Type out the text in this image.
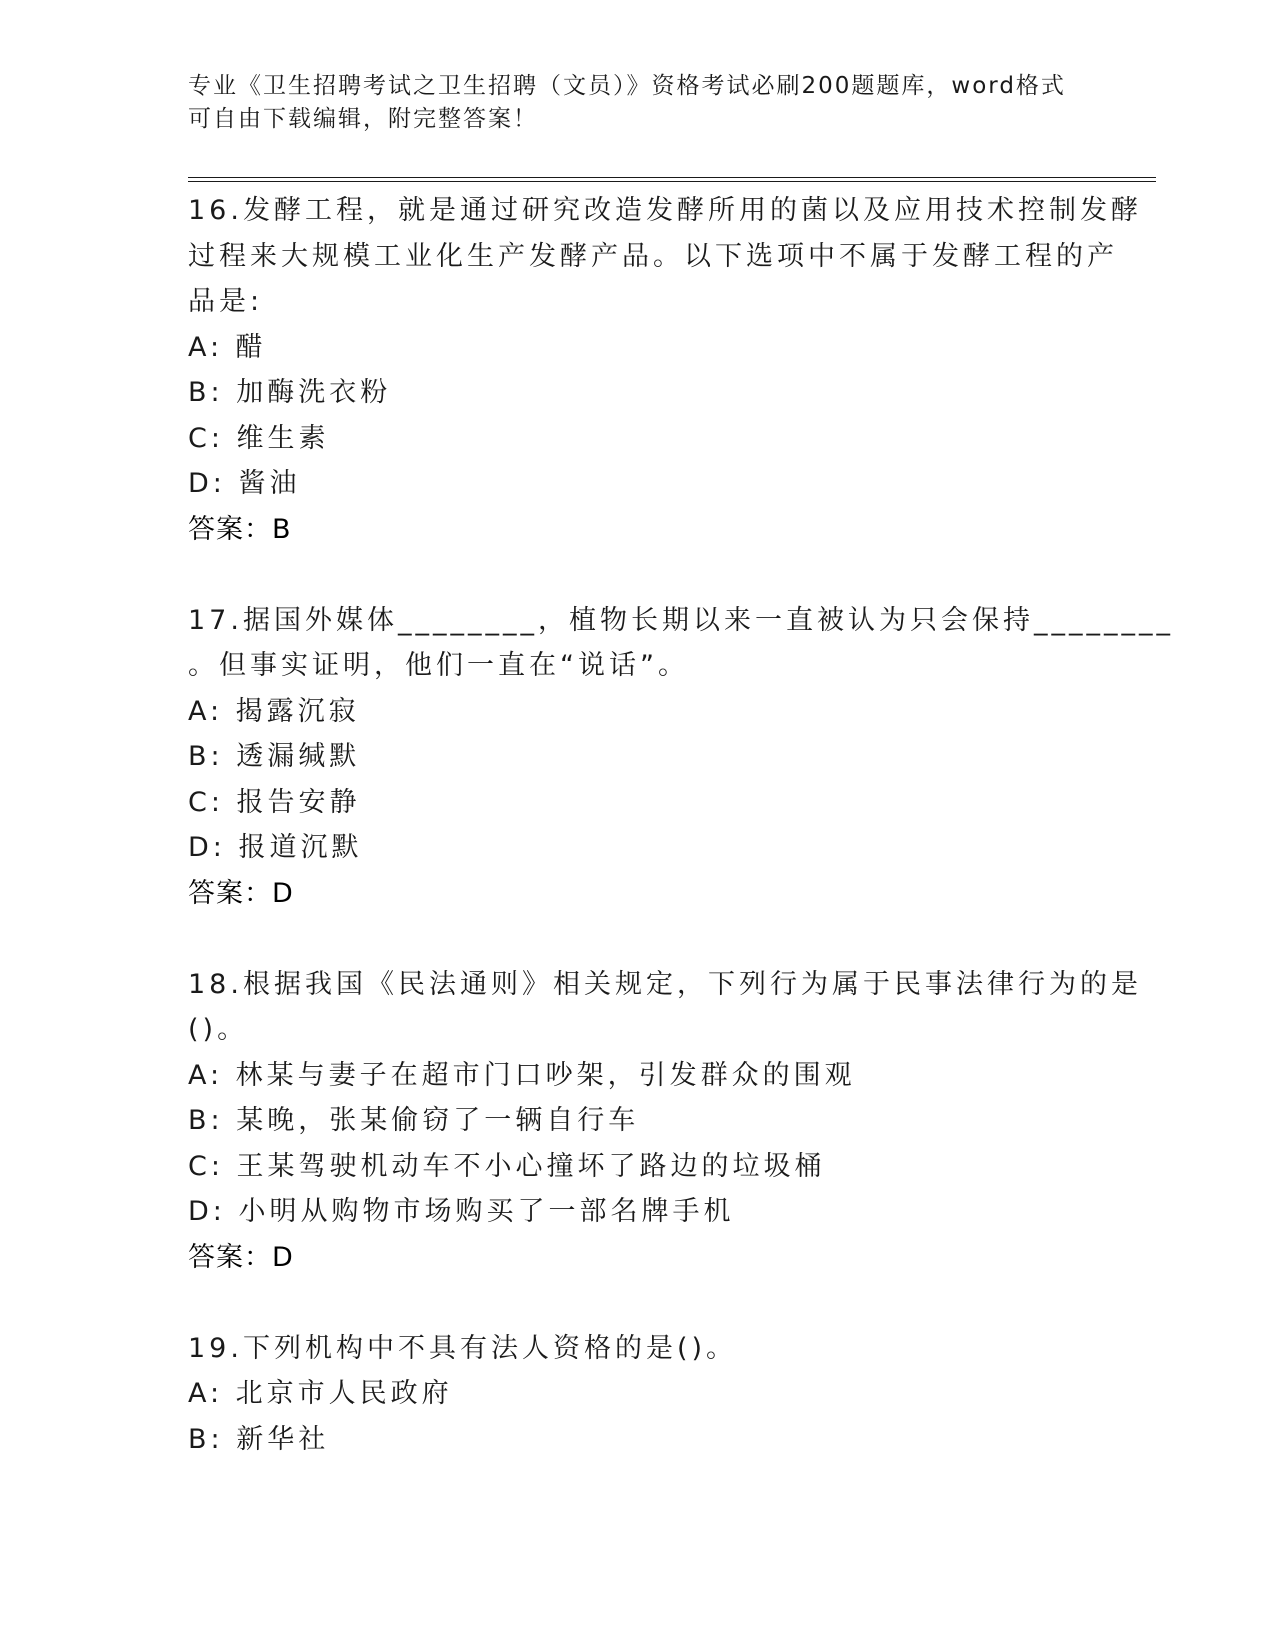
专业《卫生招聘考试之卫生招聘（文员）》资格考试必刷200题题库，word格式
可自由下载编辑，附完整答案！
16.发酵工程，就是通过研究改造发酵所用的菌以及应用技术控制发酵
过程来大规模工业化生产发酵产品。以下选项中不属于发酵工程的产
品是:
A: 醋
B: 加酶洗衣粉
C: 维生素
D: 酱油
答案：B
17.据国外媒体________，植物长期以来一直被认为只会保持________
。但事实证明，他们一直在“说话”。
A: 揭露沉寂
B: 透漏缄默
C: 报告安静
D: 报道沉默
答案：D
18.根据我国《民法通则》相关规定，下列行为属于民事法律行为的是
()。
A: 林某与妻子在超市门口吵架，引发群众的围观
B: 某晚，张某偷窃了一辆自行车
C: 王某驾驶机动车不小心撞坏了路边的垃圾桶
D: 小明从购物市场购买了一部名牌手机
答案：D
19.下列机构中不具有法人资格的是()。
A: 北京市人民政府
B: 新华社
